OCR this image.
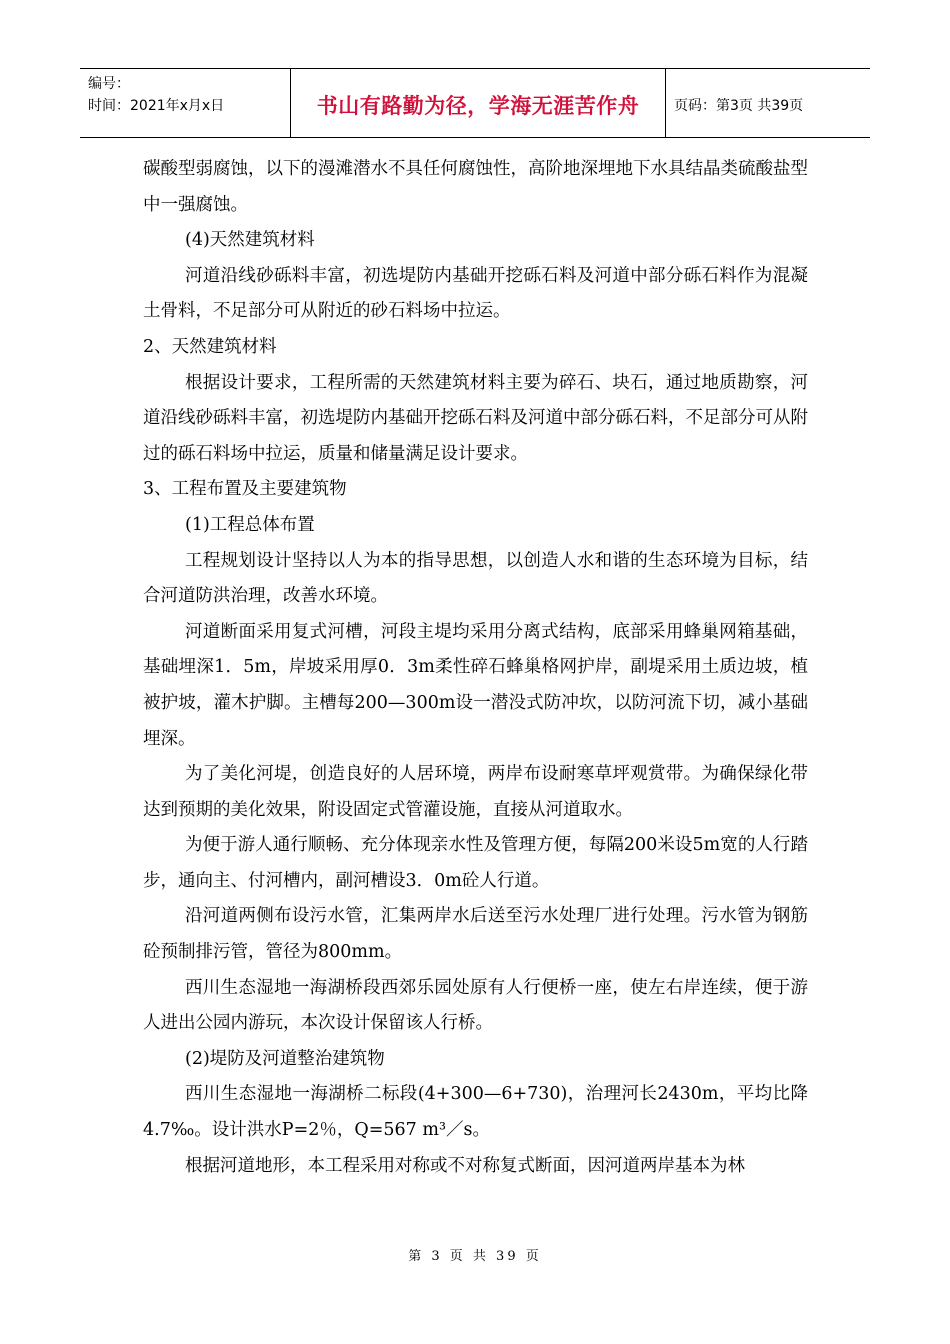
编号：
时间：2021年x月x日	书山有路勤为径，学海无涯苦作舟	页码：第3页 共39页

碳酸型弱腐蚀，以下的漫滩潜水不具任何腐蚀性，高阶地深埋地下水具结晶类硫酸盐型中一强腐蚀。

(4)天然建筑材料

河道沿线砂砾料丰富，初选堤防内基础开挖砾石料及河道中部分砾石料作为混凝土骨料，不足部分可从附近的砂石料场中拉运。

2、天然建筑材料

根据设计要求，工程所需的天然建筑材料主要为碎石、块石，通过地质勘察，河道沿线砂砾料丰富，初选堤防内基础开挖砾石料及河道中部分砾石料，不足部分可从附过的砾石料场中拉运，质量和储量满足设计要求。

3、工程布置及主要建筑物

(1)工程总体布置

工程规划设计坚持以人为本的指导思想，以创造人水和谐的生态环境为目标，结合河道防洪治理，改善水环境。

河道断面采用复式河槽，河段主堤均采用分离式结构，底部采用蜂巢网箱基础，基础埋深1．5m，岸坡采用厚0．3m柔性碎石蜂巢格网护岸，副堤采用土质边坡，植被护坡，灌木护脚。主槽每200—300m设一潜没式防冲坎，以防河流下切，减小基础埋深。

为了美化河堤，创造良好的人居环境，两岸布设耐寒草坪观赏带。为确保绿化带达到预期的美化效果，附设固定式管灌设施，直接从河道取水。

为便于游人通行顺畅、充分体现亲水性及管理方便，每隔200米设5m宽的人行踏步，通向主、付河槽内，副河槽设3．0m砼人行道。

沿河道两侧布设污水管，汇集两岸水后送至污水处理厂进行处理。污水管为钢筋砼预制排污管，管径为800mm。

西川生态湿地一海湖桥段西郊乐园处原有人行便桥一座，使左右岸连续，便于游人进出公园内游玩，本次设计保留该人行桥。

(2)堤防及河道整治建筑物

西川生态湿地一海湖桥二标段(4+300—6+730)，治理河长2430m，平均比降4.7‰。设计洪水P=2％，Q=567 m³／s。

根据河道地形，本工程采用对称或不对称复式断面，因河道两岸基本为林

第 3 页 共 39 页
